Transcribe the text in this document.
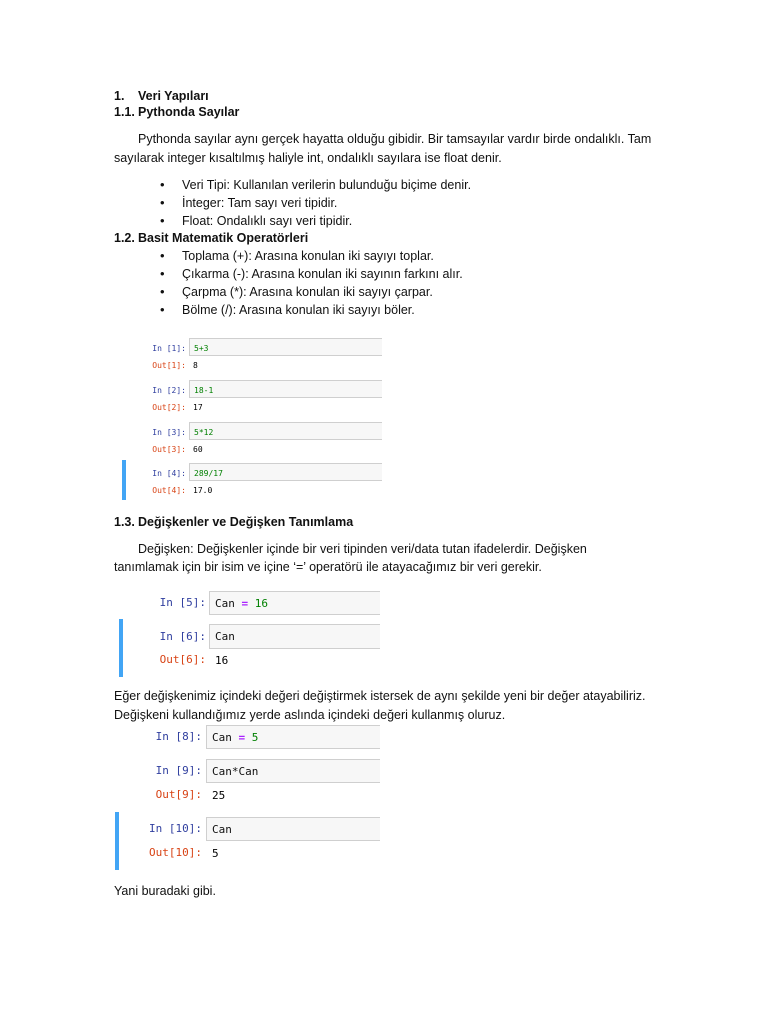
1. Veri Yapıları
1.1. Pythonda Sayılar
Pythonda sayılar aynı gerçek hayatta olduğu gibidir. Bir tamsayılar vardır birde ondalıklı. Tam
sayılarak integer kısaltılmış haliyle int, ondalıklı sayılara ise float denir.
• Veri Tipi: Kullanılan verilerin bulunduğu biçime denir.
• İnteger: Tam sayı veri tipidir.
• Float: Ondalıklı sayı veri tipidir.
1.2. Basit Matematik Operatörleri
• Toplama (+): Arasına konulan iki sayıyı toplar.
• Çıkarma (-): Arasına konulan iki sayının farkını alır.
• Çarpma (*): Arasına konulan iki sayıyı çarpar.
• Bölme (/): Arasına konulan iki sayıyı böler.
In [1]:	5+3
Out[1]: 8
In [2]:	18-1
Out[2]: 17
In [3]:	5*12
Out[3]: 60
In [4]:	289/17
Out[4]: 17.0
1.3. Değişkenler ve Değişken Tanımlama
Değişken: Değişkenler içinde bir veri tipinden veri/data tutan ifadelerdir. Değişken
tanımlamak için bir isim ve içine ‘=’ operatörü ile atayacağımız bir veri gerekir.
In [5]: Can = 16
In [6]: Can
Out[6]: 16
Eğer değişkenimiz içindeki değeri değiştirmek istersek de aynı şekilde yeni bir değer atayabiliriz.
Değişkeni kullandığımız yerde aslında içindeki değeri kullanmış oluruz.
In [8]: Can = 5
In [9]: Can*Can
Out[9]: 25
In [10]: Can
Out[10]: 5
Yani buradaki gibi.
